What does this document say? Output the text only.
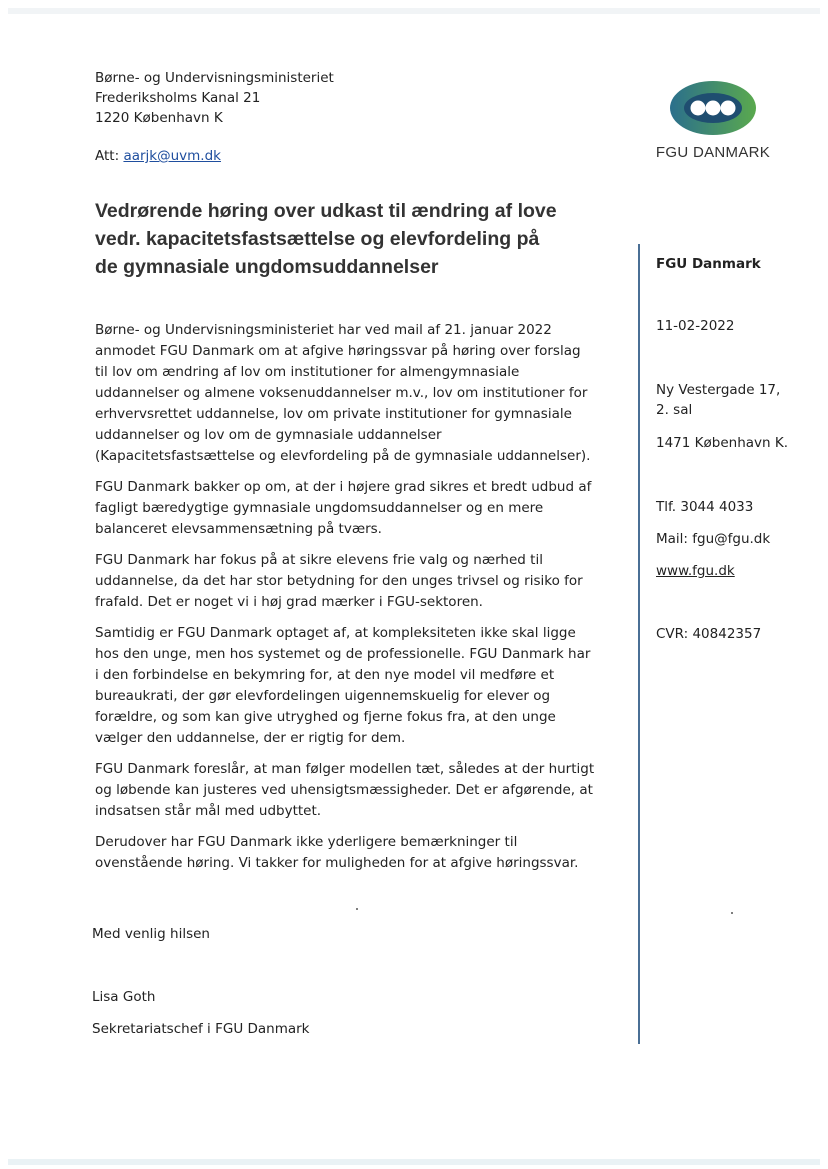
Børne- og Undervisningsministeriet
Frederiksholms Kanal 21
1220 København K
Att: aarjk@uvm.dk	FGU DANMARK
Vedrørende høring over udkast til ændring af love vedr. kapacitetsfastsættelse og elevfordeling på de gymnasiale ungdomsuddannelser	FGU Danmark
11-02-2022
Ny Vestergade 17,
2. sal
1471 København K.
Tlf. 3044 4033
Mail: fgu@fgu.dk
www.fgu.dk
CVR: 40842357

Børne- og Undervisningsministeriet har ved mail af 21. januar 2022 anmodet FGU Danmark om at afgive høringssvar på høring over forslag til lov om ændring af lov om institutioner for almengymnasiale uddannelser og almene voksenuddannelser m.v., lov om institutioner for erhvervsrettet uddannelse, lov om private institutioner for gymnasiale uddannelser og lov om de gymnasiale uddannelser (Kapacitetsfastsættelse og elevfordeling på de gymnasiale uddannelser).

FGU Danmark bakker op om, at der i højere grad sikres et bredt udbud af fagligt bæredygtige gymnasiale ungdomsuddannelser og en mere balanceret elevsammensætning på tværs.

FGU Danmark har fokus på at sikre elevens frie valg og nærhed til uddannelse, da det har stor betydning for den unges trivsel og risiko for frafald. Det er noget vi i høj grad mærker i FGU-sektoren.

Samtidig er FGU Danmark optaget af, at kompleksiteten ikke skal ligge hos den unge, men hos systemet og de professionelle. FGU Danmark har i den forbindelse en bekymring for, at den nye model vil medføre et bureaukrati, der gør elevfordelingen uigennemskuelig for elever og forældre, og som kan give utryghed og fjerne fokus fra, at den unge vælger den uddannelse, der er rigtig for dem.

FGU Danmark foreslår, at man følger modellen tæt, således at der hurtigt og løbende kan justeres ved uhensigtsmæssigheder. Det er afgørende, at indsatsen står mål med udbyttet.

Derudover har FGU Danmark ikke yderligere bemærkninger til ovenstående høring. Vi takker for muligheden for at afgive høringssvar.

Med venlig hilsen
Lisa Goth
Sekretariatschef i FGU Danmark
